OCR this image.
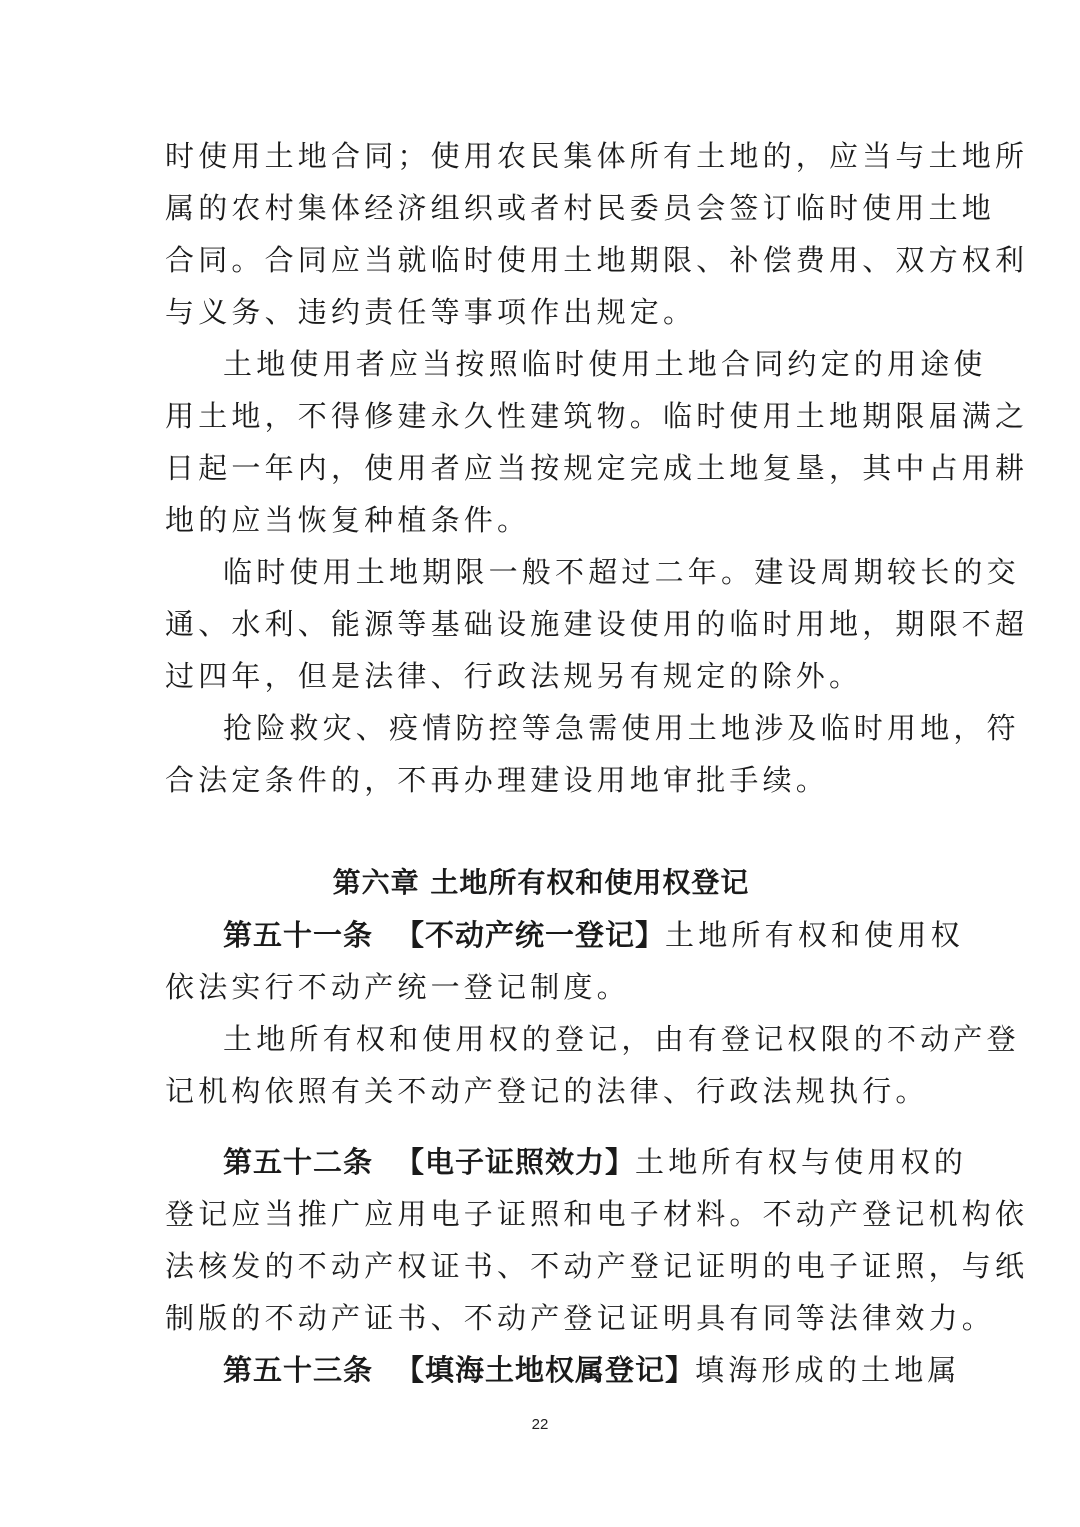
时使用土地合同；使用农民集体所有土地的，应当与土地所
属的农村集体经济组织或者村民委员会签订临时使用土地
合同。合同应当就临时使用土地期限、补偿费用、双方权利
与义务、违约责任等事项作出规定。
土地使用者应当按照临时使用土地合同约定的用途使
用土地，不得修建永久性建筑物。临时使用土地期限届满之
日起一年内，使用者应当按规定完成土地复垦，其中占用耕
地的应当恢复种植条件。
临时使用土地期限一般不超过二年。建设周期较长的交
通、水利、能源等基础设施建设使用的临时用地，期限不超
过四年，但是法律、行政法规另有规定的除外。
抢险救灾、疫情防控等急需使用土地涉及临时用地，符
合法定条件的，不再办理建设用地审批手续。
第六章 土地所有权和使用权登记
第五十一条 【不动产统一登记】土地所有权和使用权
依法实行不动产统一登记制度。
土地所有权和使用权的登记，由有登记权限的不动产登
记机构依照有关不动产登记的法律、行政法规执行。
第五十二条 【电子证照效力】土地所有权与使用权的
登记应当推广应用电子证照和电子材料。不动产登记机构依
法核发的不动产权证书、不动产登记证明的电子证照，与纸
制版的不动产证书、不动产登记证明具有同等法律效力。
第五十三条 【填海土地权属登记】填海形成的土地属
22
